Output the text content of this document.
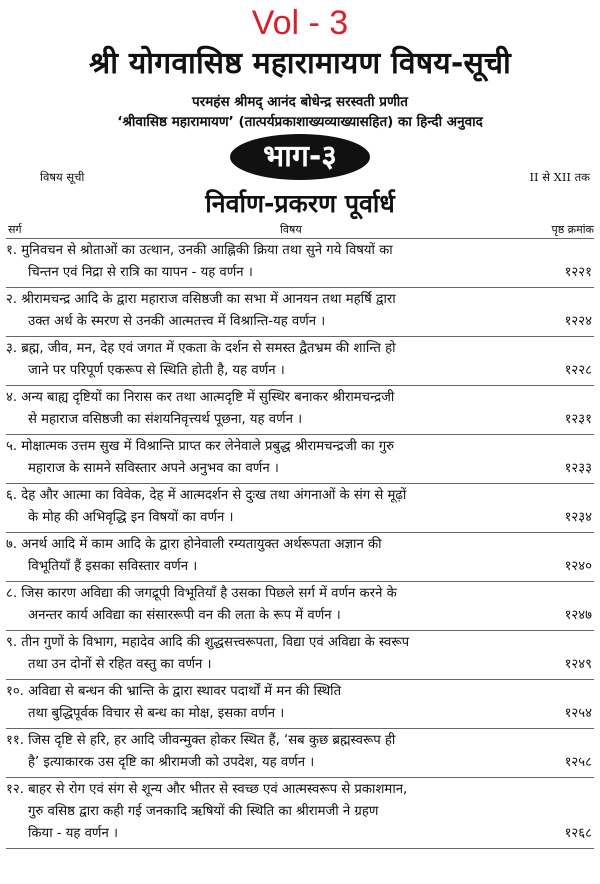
Vol - 3
श्री योगवासिष्ठ महारामायण विषय-सूची
परमहंस श्रीमद् आनंद बोधेन्द्र सरस्वती प्रणीत
‘श्रीवासिष्ठ महारामायण’ (तात्पर्यप्रकाशाख्यव्याख्यासहित) का हिन्दी अनुवाद
भाग-३
विषय सूची	II से XII तक
निर्वाण-प्रकरण पूर्वार्ध
सर्ग	विषय	पृष्ठ क्रमांक
१. मुनिवचन से श्रोताओं का उत्थान, उनकी आह्निकी क्रिया तथा सुने गये विषयों का
चिन्तन एवं निद्रा से रात्रि का यापन - यह वर्णन ।	१२२१
२. श्रीरामचन्द्र आदि के द्वारा महाराज वसिष्ठजी का सभा में आनयन तथा महर्षि द्वारा
उक्त अर्थ के स्मरण से उनकी आत्मतत्त्व में विश्रान्ति-यह वर्णन ।	१२२४
३. ब्रह्म, जीव, मन, देह एवं जगत में एकता के दर्शन से समस्त द्वैतभ्रम की शान्ति हो
जाने पर परिपूर्ण एकरूप से स्थिति होती है, यह वर्णन ।	१२२८
४. अन्य बाह्य दृष्टियों का निरास कर तथा आत्मदृष्टि में सुस्थिर बनाकर श्रीरामचन्द्रजी
से महाराज वसिष्ठजी का संशयनिवृत्त्यर्थ पूछना, यह वर्णन ।	१२३१
५. मोक्षात्मक उत्तम सुख में विश्रान्ति प्राप्त कर लेनेवाले प्रबुद्ध श्रीरामचन्द्रजी का गुरु
महाराज के सामने सविस्तार अपने अनुभव का वर्णन ।	१२३३
६. देह और आत्मा का विवेक, देह में आत्मदर्शन से दुःख तथा अंगनाओं के संग से मूढ़ों
के मोह की अभिवृद्धि इन विषयों का वर्णन ।	१२३४
७. अनर्थ आदि में काम आदि के द्वारा होनेवाली रम्यतायुक्त अर्थरूपता अज्ञान की
विभूतियाँ हैं इसका सविस्तार वर्णन ।	१२४०
८. जिस कारण अविद्या की जगद्रूपी विभूतियाँ है उसका पिछले सर्ग में वर्णन करने के
अनन्तर कार्य अविद्या का संसाररूपी वन की लता के रूप में वर्णन ।	१२४७
९. तीन गुणों के विभाग, महादेव आदि की शुद्धसत्त्वरूपता, विद्या एवं अविद्या के स्वरूप
तथा उन दोनों से रहित वस्तु का वर्णन ।	१२४९
१०. अविद्या से बन्धन की भ्रान्ति के द्वारा स्थावर पदार्थों में मन की स्थिति
तथा बुद्धिपूर्वक विचार से बन्ध का मोक्ष, इसका वर्णन ।	१२५४
११. जिस दृष्टि से हरि, हर आदि जीवन्मुक्त होकर स्थित हैं, ‘सब कुछ ब्रह्मस्वरूप ही
है’ इत्याकारक उस दृष्टि का श्रीरामजी को उपदेश, यह वर्णन ।	१२५८
१२. बाहर से रोग एवं संग से शून्य और भीतर से स्वच्छ एवं आत्मस्वरूप से प्रकाशमान,
गुरु वसिष्ठ द्वारा कही गई जनकादि ऋषियों की स्थिति का श्रीरामजी ने ग्रहण
किया - यह वर्णन ।	१२६८
